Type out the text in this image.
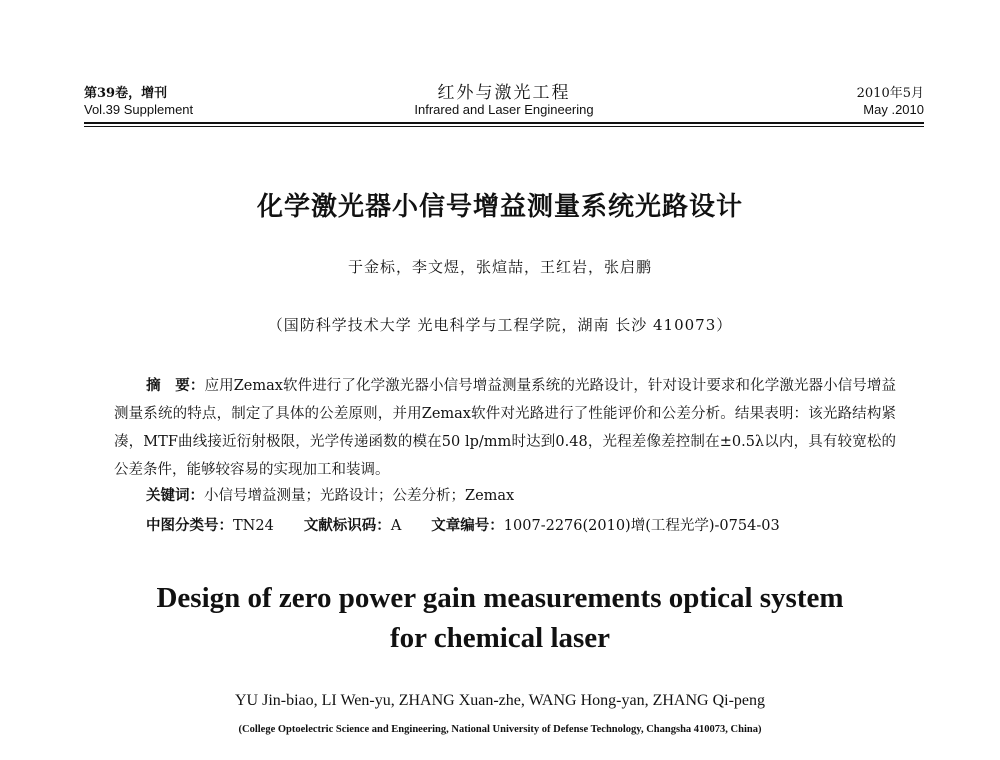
第39卷，增刊
Vol.39 Supplement
红外与激光工程
Infrared and Laser Engineering
2010年5月
May .2010
化学激光器小信号增益测量系统光路设计
于金标，李文煜，张煊喆，王红岩，张启鹏
（国防科学技术大学 光电科学与工程学院，湖南 长沙 410073）
摘　要：应用Zemax软件进行了化学激光器小信号增益测量系统的光路设计，针对设计要求和化学激光器小信号增益测量系统的特点，制定了具体的公差原则，并用Zemax软件对光路进行了性能评价和公差分析。结果表明：该光路结构紧凑，MTF曲线接近衍射极限，光学传递函数的模在50 lp/mm时达到0.48，光程差像差控制在±0.5λ以内，具有较宽松的公差条件，能够较容易的实现加工和装调。
关键词：小信号增益测量；光路设计；公差分析；Zemax
中图分类号：TN24 文献标识码：A 文章编号：1007-2276(2010)增(工程光学)-0754-03
Design of zero power gain measurements optical system
for chemical laser
YU Jin-biao, LI Wen-yu, ZHANG Xuan-zhe, WANG Hong-yan, ZHANG Qi-peng
(College Optoelectric Science and Engineering, National University of Defense Technology, Changsha 410073, China)
